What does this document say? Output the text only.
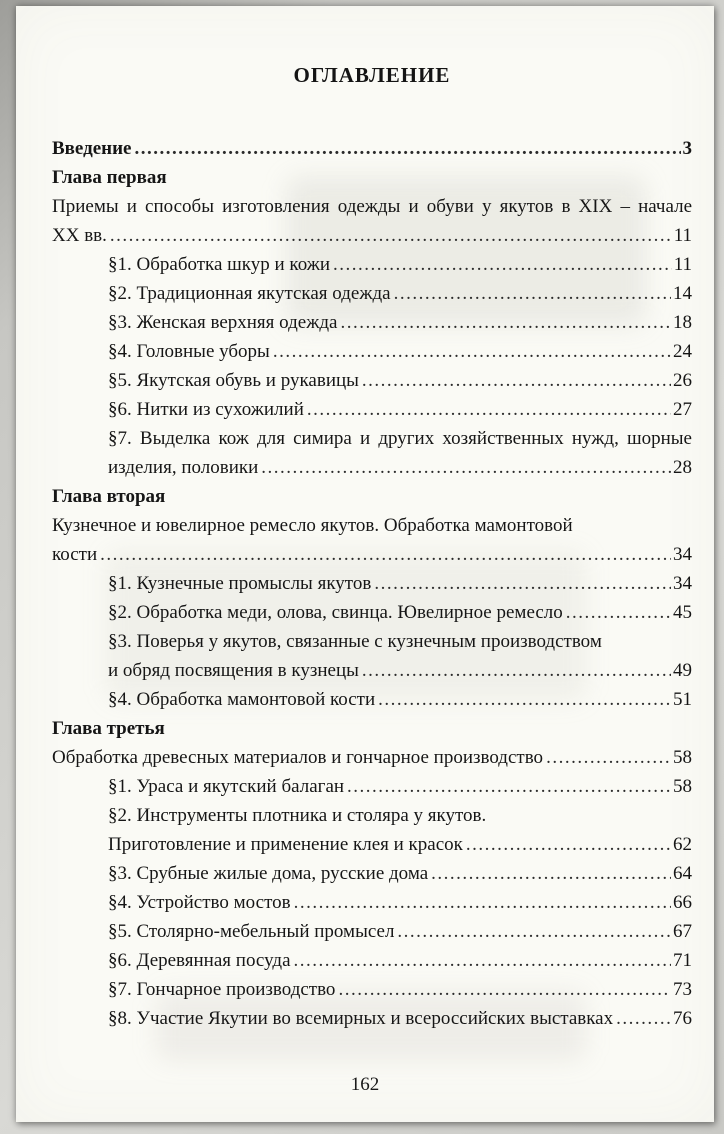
ОГЛАВЛЕНИЕ
Введение .....	3
Глава первая
Приемы и способы изготовления одежды и обуви у якутов в XIX – начале
ХХ вв. .....	11
§1. Обработка шкур и кожи .....	11
§2. Традиционная якутская одежда .....	14
§3. Женская верхняя одежда .....	18
§4. Головные уборы .....	24
§5. Якутская обувь и рукавицы .....	26
§6. Нитки из сухожилий .....	27
§7. Выделка кож для симира и других хозяйственных нужд, шорные
изделия, половики .....	28
Глава вторая
Кузнечное и ювелирное ремесло якутов. Обработка мамонтовой
кости .....	34
§1. Кузнечные промыслы якутов .....	34
§2. Обработка меди, олова, свинца. Ювелирное ремесло .....	45
§3. Поверья у якутов, связанные с кузнечным производством
и обряд посвящения в кузнецы .....	49
§4. Обработка мамонтовой кости .....	51
Глава третья
Обработка древесных материалов и гончарное производство .....	58
§1. Ураса и якутский балаган .....	58
§2. Инструменты плотника и столяра у якутов.
Приготовление и применение клея и красок .....	62
§3. Срубные жилые дома, русские дома .....	64
§4. Устройство мостов .....	66
§5. Столярно-мебельный промысел .....	67
§6. Деревянная посуда .....	71
§7. Гончарное производство .....	73
§8. Участие Якутии во всемирных и всероссийских выставках .....	76
162
